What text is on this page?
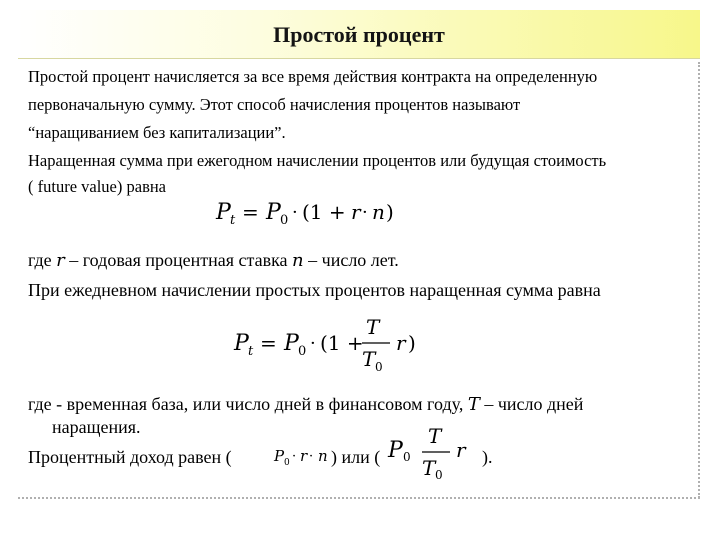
Простой процент
Простой процент начисляется за все время действия контракта на определенную
первоначальную сумму. Этот способ начисления процентов называют
“наращиванием без капитализации”.
Наращенная сумма при ежегодном начислении процентов или будущая стоимость
( future value) равна
P t = P 0 · (1 + r · n )
где r – годовая процентная ставка n – число лет.
При ежедневном начислении простых процентов наращенная сумма равна
P t = P 0 · (1 +
T
T 0
r )
где - временная база, или число дней в финансовом году, T – число дней
наращения.
Процентный доход равен (	P 0 · r · n ) или ( P 0
T
T 0
r ).
